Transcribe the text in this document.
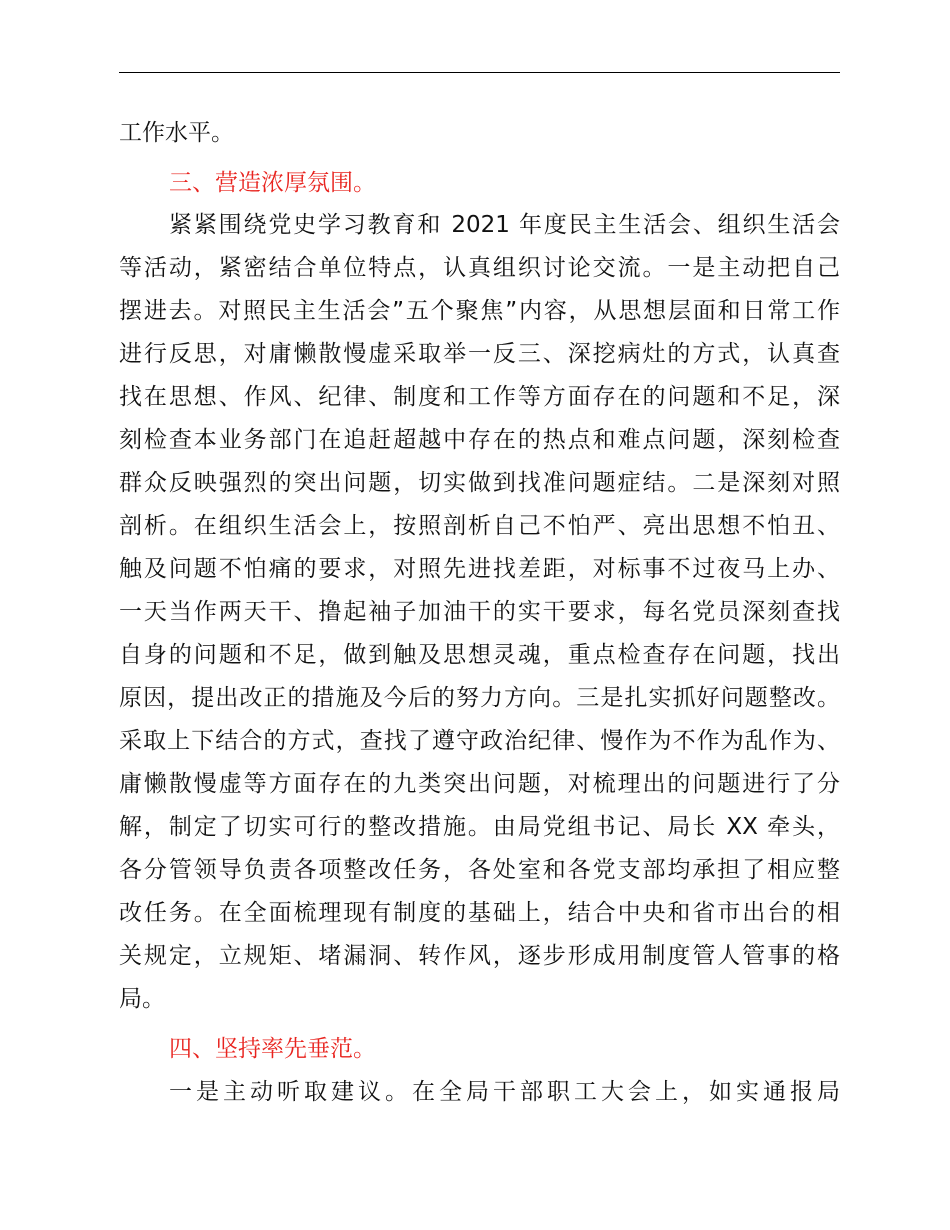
工作水平。
三、营造浓厚氛围。
紧紧围绕党史学习教育和 2021 年度民主生活会、组织生活会
等活动，紧密结合单位特点，认真组织讨论交流。一是主动把自己
摆进去。对照民主生活会”五个聚焦”内容，从思想层面和日常工作
进行反思，对庸懒散慢虚采取举一反三、深挖病灶的方式，认真查
找在思想、作风、纪律、制度和工作等方面存在的问题和不足，深
刻检查本业务部门在追赶超越中存在的热点和难点问题，深刻检查
群众反映强烈的突出问题，切实做到找准问题症结。二是深刻对照
剖析。在组织生活会上，按照剖析自己不怕严、亮出思想不怕丑、
触及问题不怕痛的要求，对照先进找差距，对标事不过夜马上办、
一天当作两天干、撸起袖子加油干的实干要求，每名党员深刻查找
自身的问题和不足，做到触及思想灵魂，重点检查存在问题，找出
原因，提出改正的措施及今后的努力方向。三是扎实抓好问题整改。
采取上下结合的方式，查找了遵守政治纪律、慢作为不作为乱作为、
庸懒散慢虚等方面存在的九类突出问题，对梳理出的问题进行了分
解，制定了切实可行的整改措施。由局党组书记、局长 XX 牵头，
各分管领导负责各项整改任务，各处室和各党支部均承担了相应整
改任务。在全面梳理现有制度的基础上，结合中央和省市出台的相
关规定，立规矩、堵漏洞、转作风，逐步形成用制度管人管事的格
局。
四、坚持率先垂范。
一是主动听取建议。在全局干部职工大会上，如实通报局
